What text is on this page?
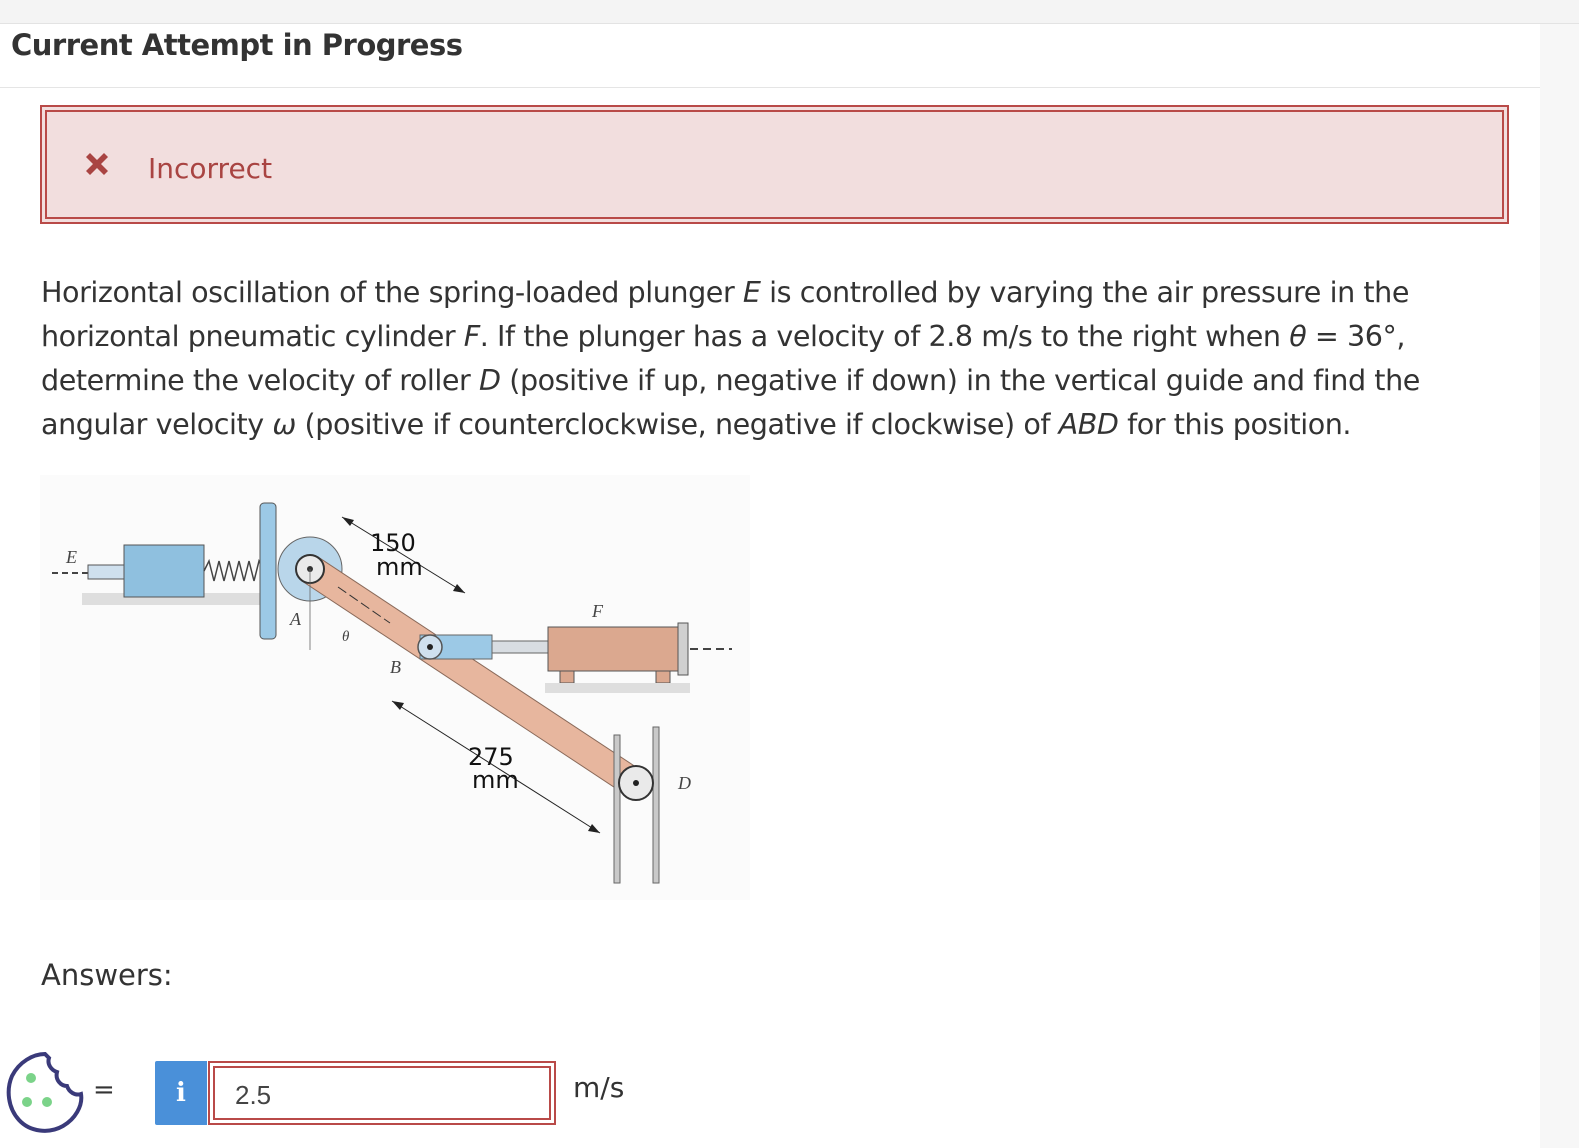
Current Attempt in Progress
Incorrect
Horizontal oscillation of the spring-loaded plunger E is controlled by varying the air pressure in the horizontal pneumatic cylinder F. If the plunger has a velocity of 2.8 m/s to the right when θ = 36°, determine the velocity of roller D (positive if up, negative if down) in the vertical guide and find the angular velocity ω (positive if counterclockwise, negative if clockwise) of ABD for this position.
E
A
θ
B
F
D
150
mm
275
mm
Answers:
=	i	2.5	m/s
